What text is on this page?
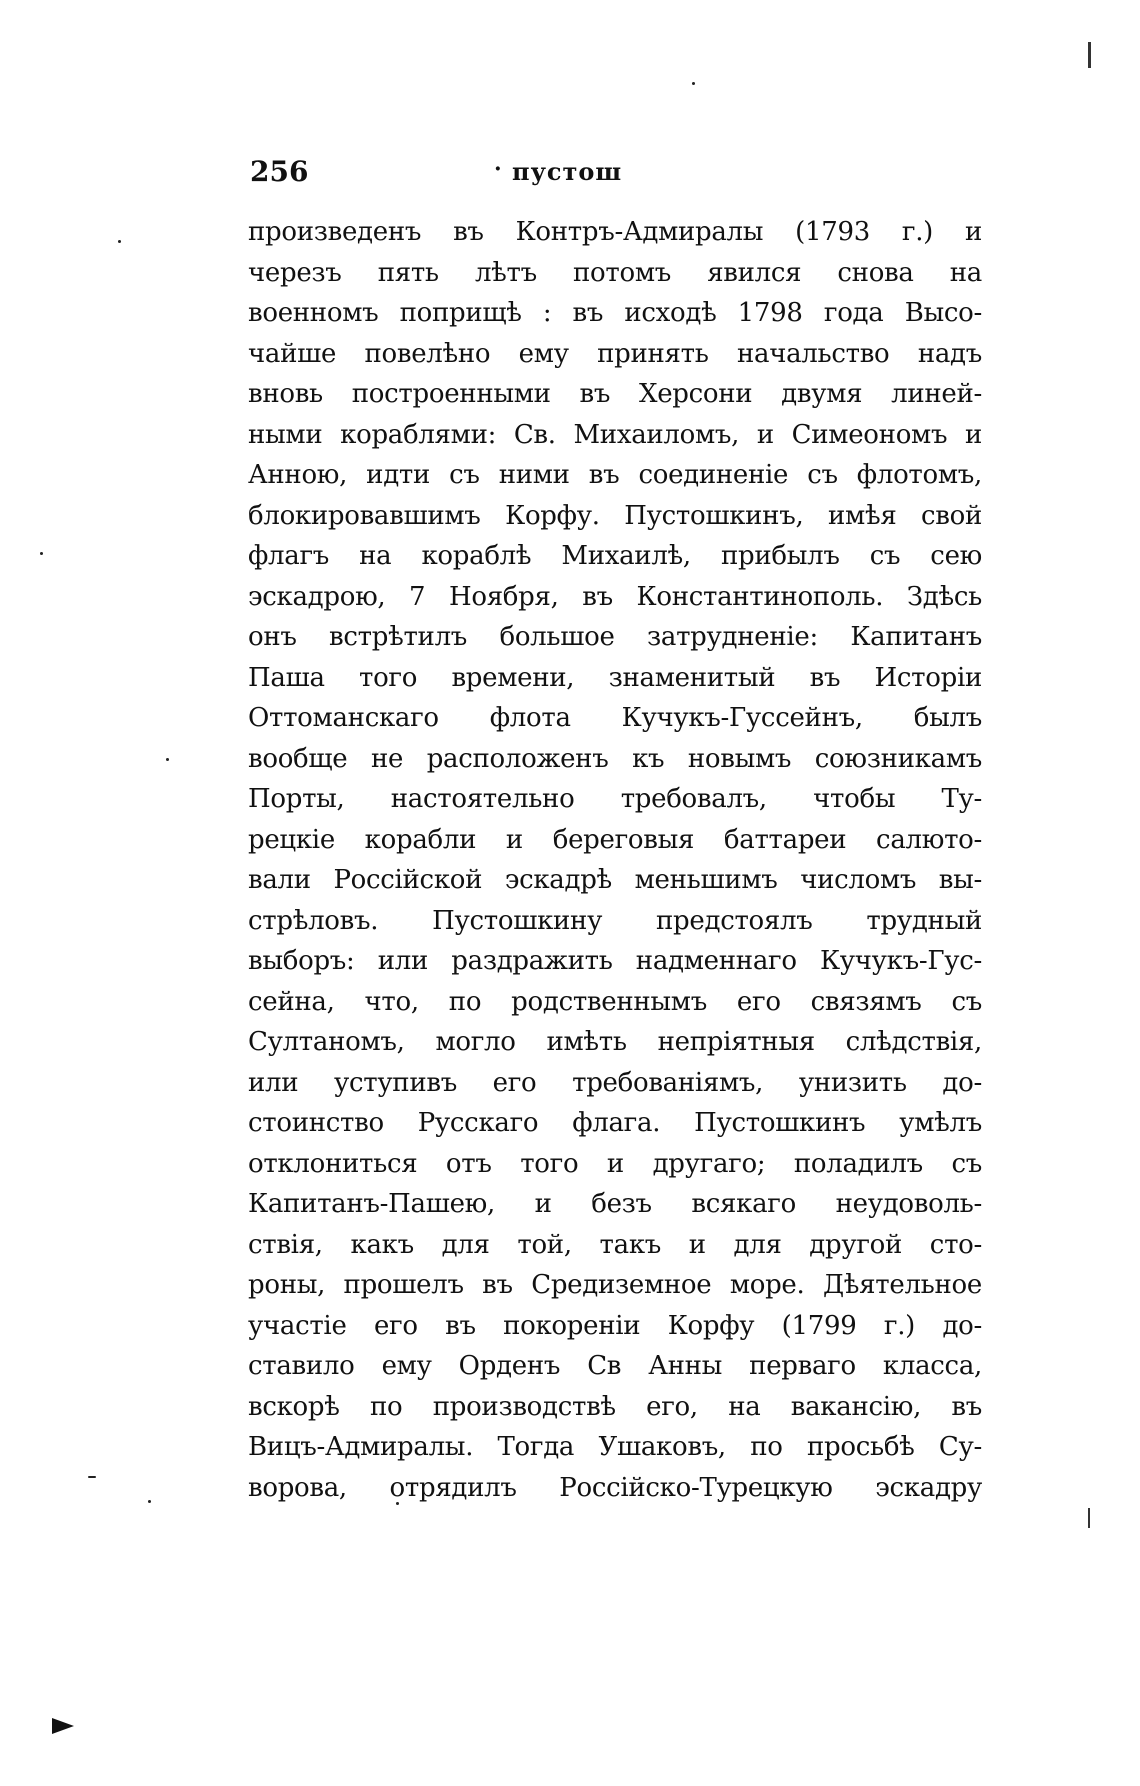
256	· пустош
произведенъ въ Контръ-Адмиралы (1793 г.) и
черезъ пять лѣтъ потомъ явился снова на
военномъ поприщѣ : въ исходѣ 1798 года Высо-
чайше повелѣно ему принять начальство надъ
вновь построенными въ Херсони двумя линей-
ными кораблями: Св. Михаиломъ, и Симеономъ и
Анною, идти съ ними въ соединеніе съ флотомъ,
блокировавшимъ Корфу. Пустошкинъ, имѣя свой
флагъ на кораблѣ Михаилѣ, прибылъ съ сею
эскадрою, 7 Ноября, въ Константинополь. Здѣсь
онъ встрѣтилъ большое затрудненіе: Капитанъ
Паша того времени, знаменитый въ Исторіи
Оттоманскаго флота Кучукъ-Гуссейнъ, былъ
вообще не расположенъ къ новымъ союзникамъ
Порты, настоятельно требовалъ, чтобы Ту-
рецкіе корабли и береговыя баттареи салюто-
вали Россійской эскадрѣ меньшимъ числомъ вы-
стрѣловъ. Пустошкину предстоялъ трудный
выборъ: или раздражить надменнаго Кучукъ-Гус-
сейна, что, по родственнымъ его связямъ съ
Султаномъ, могло имѣть непріятныя слѣдствія,
или уступивъ его требованіямъ, унизить до-
стоинство Русскаго флага. Пустошкинъ умѣлъ
отклониться отъ того и другаго; поладилъ съ
Капитанъ-Пашею, и безъ всякаго неудоволь-
ствія, какъ для той, такъ и для другой сто-
роны, прошелъ въ Средиземное море. Дѣятельное
участіе его въ покореніи Корфу (1799 г.) до-
ставило ему Орденъ Св Анны перваго класса,
вскорѣ по производствѣ его, на вакансію, въ
Вицъ-Адмиралы. Тогда Ушаковъ, по просьбѣ Су-
ворова, отрядилъ Россійско-Турецкую эскадру
